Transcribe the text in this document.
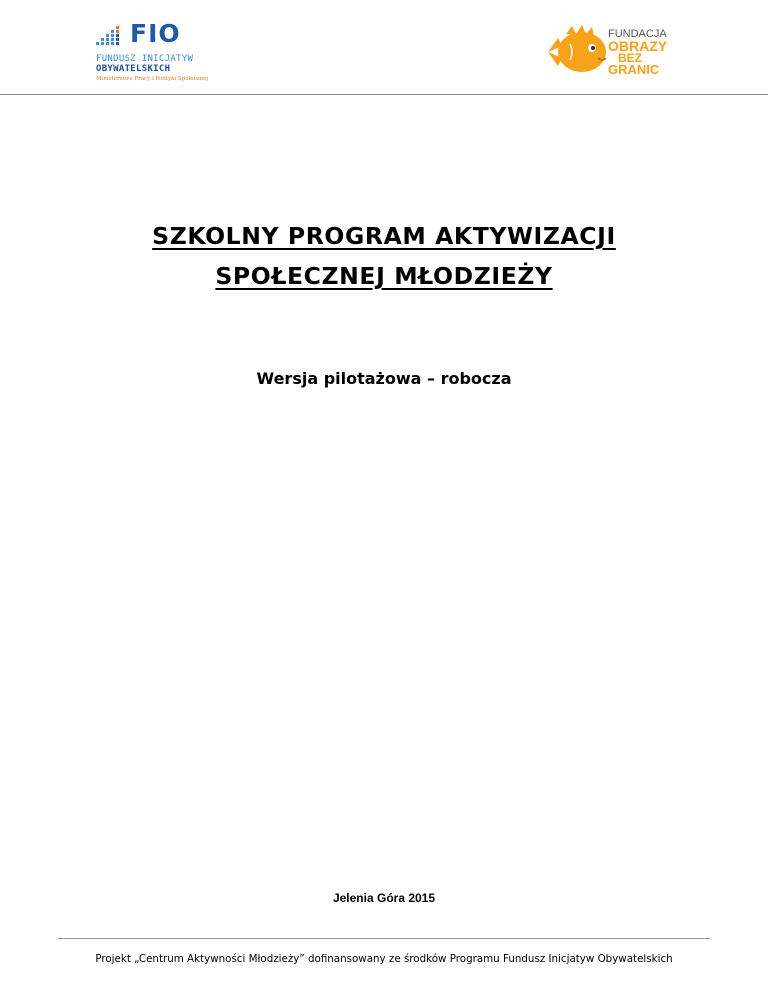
FIO
FUNDUSZ INICJATYW
OBYWATELSKICH
Ministerstwo Pracy i Polityki Społecznej
FUNDACJA
OBRAZY
BEZ
GRANIC
SZKOLNY PROGRAM AKTYWIZACJI
SPOŁECZNEJ MŁODZIEŻY
Wersja pilotażowa – robocza
Jelenia Góra 2015
Projekt „Centrum Aktywności Młodzieży” dofinansowany ze środków Programu Fundusz Inicjatyw Obywatelskich
